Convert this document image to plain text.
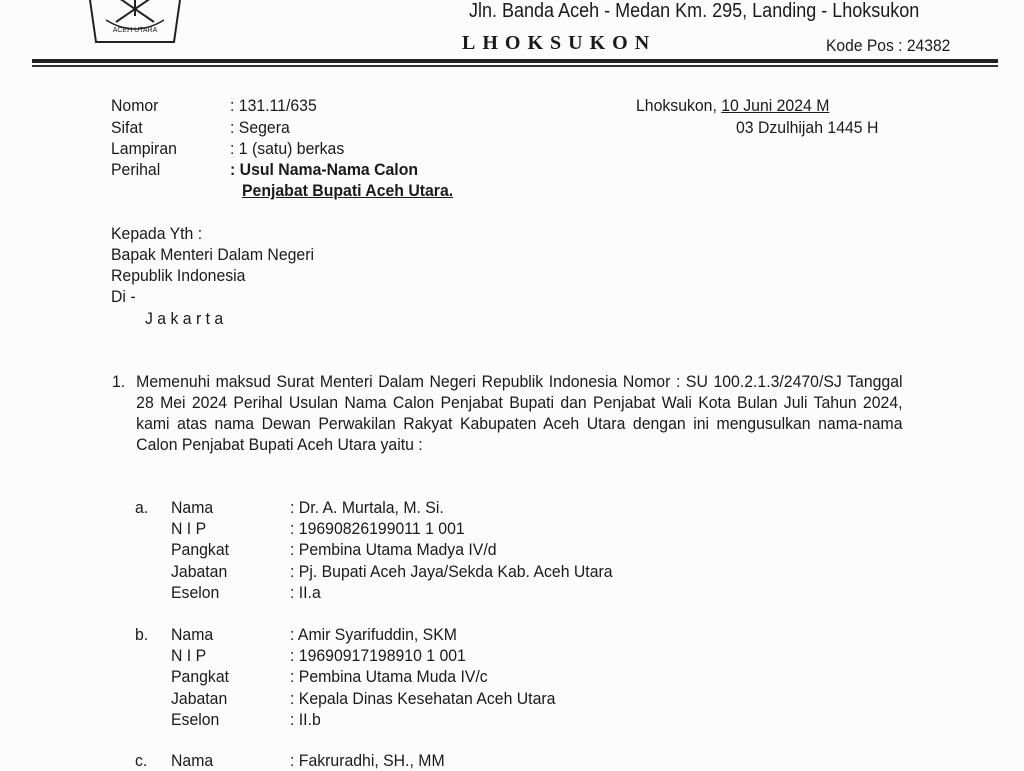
ACEH UTARA
Jln. Banda Aceh - Medan Km. 295, Landing - Lhoksukon
LHOKSUKON	Kode Pos : 24382
Nomor	: 131.11/635
Sifat	: Segera
Lampiran	: 1 (satu) berkas
Perihal	: Usul Nama-Nama Calon
Penjabat Bupati Aceh Utara.
Lhoksukon, 10 Juni 2024 M
03 Dzulhijah 1445 H
Kepada Yth :
Bapak Menteri Dalam Negeri
Republik Indonesia
Di -
J a k a r t a
1. Memenuhi maksud Surat Menteri Dalam Negeri Republik Indonesia Nomor : SU 100.2.1.3/2470/SJ Tanggal 28 Mei 2024 Perihal Usulan Nama Calon Penjabat Bupati dan Penjabat Wali Kota Bulan Juli Tahun 2024, kami atas nama Dewan Perwakilan Rakyat Kabupaten Aceh Utara dengan ini mengusulkan nama-nama Calon Penjabat Bupati Aceh Utara yaitu :
a. Nama	: Dr. A. Murtala, M. Si.
N I P	: 19690826199011 1 001
Pangkat	: Pembina Utama Madya IV/d
Jabatan	: Pj. Bupati Aceh Jaya/Sekda Kab. Aceh Utara
Eselon	: II.a
b. Nama	: Amir Syarifuddin, SKM
N I P	: 19690917198910 1 001
Pangkat	: Pembina Utama Muda IV/c
Jabatan	: Kepala Dinas Kesehatan Aceh Utara
Eselon	: II.b
c. Nama	: Fakruradhi, SH., MM
